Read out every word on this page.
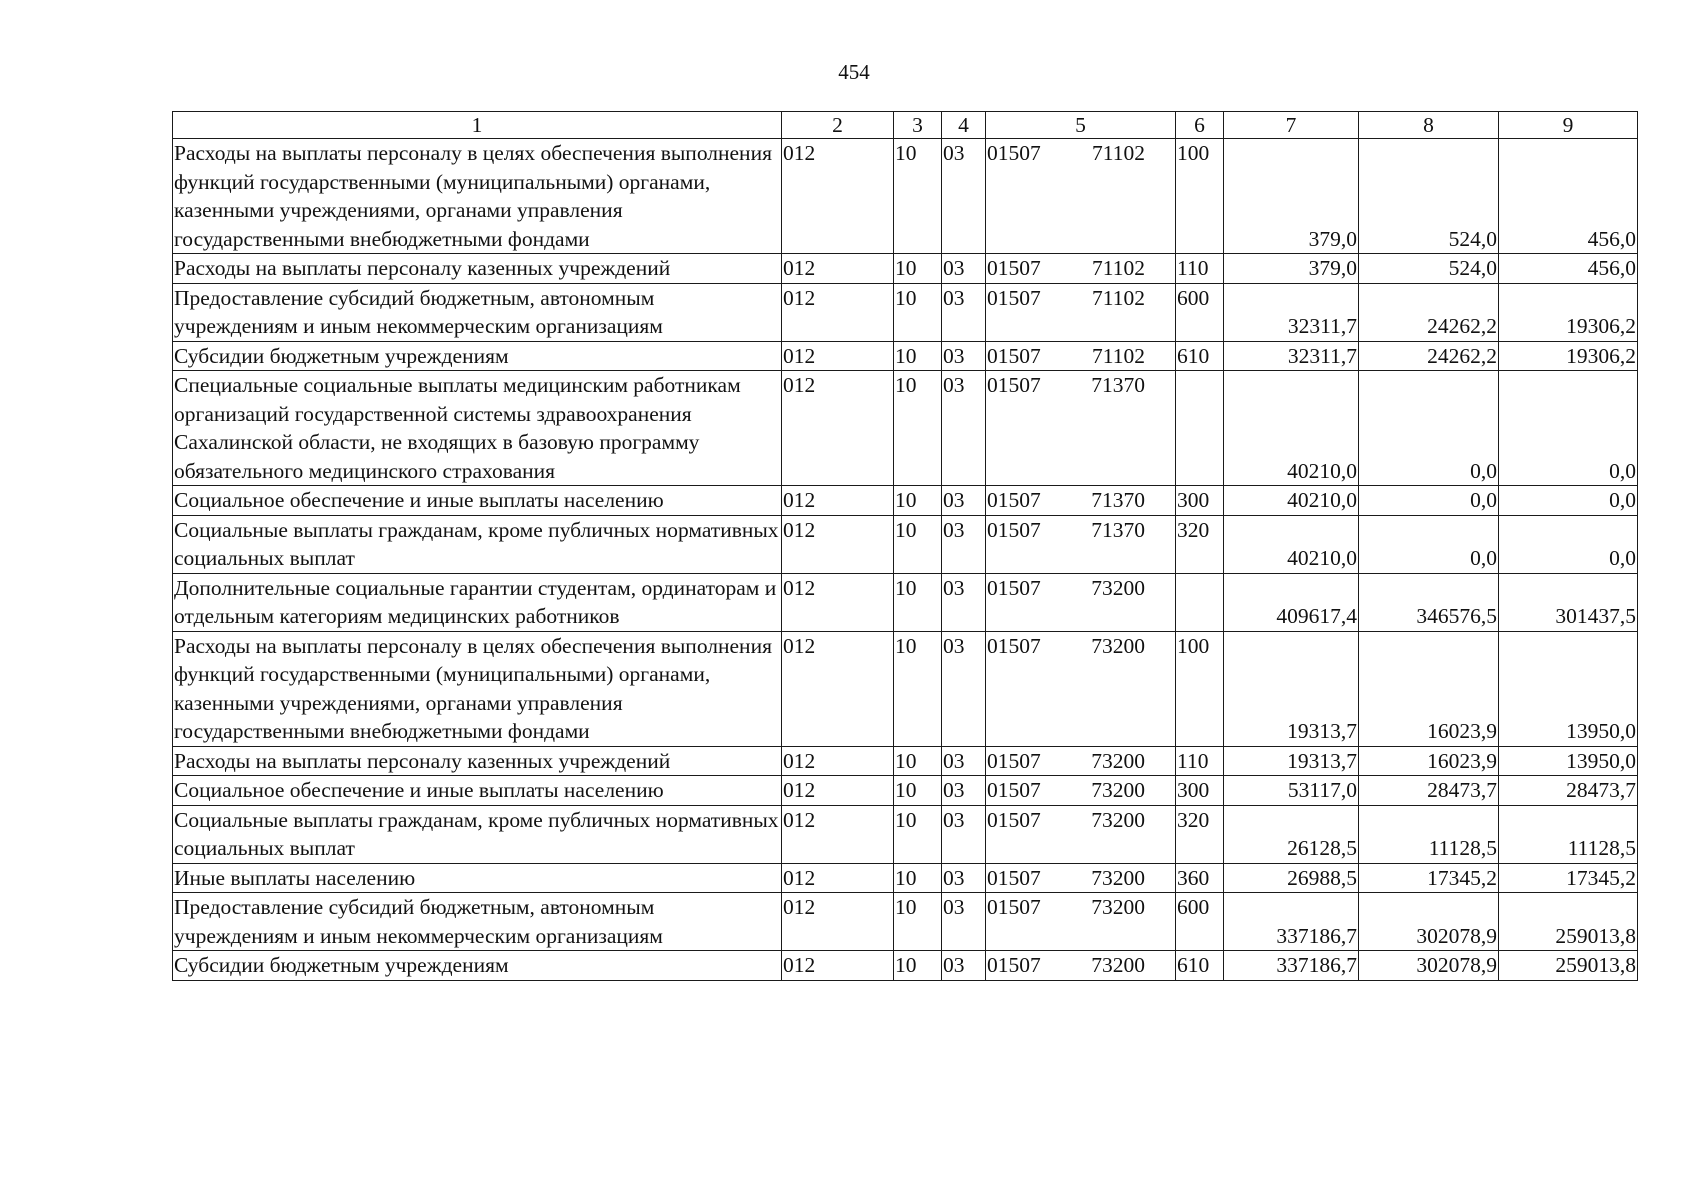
454
1	2	3	4	5	6	7	8	9
Расходы на выплаты персоналу в целях обеспечения выполнения функций государственными (муниципальными) органами, казенными учреждениями, органами управления государственными внебюджетными фондами	012	10	03	01507 71102	100	379,0	524,0	456,0
Расходы на выплаты персоналу казенных учреждений	012	10	03	01507 71102	110	379,0	524,0	456,0
Предоставление субсидий бюджетным, автономным учреждениям и иным некоммерческим организациям	012	10	03	01507 71102	600	32311,7	24262,2	19306,2
Субсидии бюджетным учреждениям	012	10	03	01507 71102	610	32311,7	24262,2	19306,2
Специальные социальные выплаты медицинским работникам организаций государственной системы здравоохранения Сахалинской области, не входящих в базовую программу обязательного медицинского страхования	012	10	03	01507 71370		40210,0	0,0	0,0
Социальное обеспечение и иные выплаты населению	012	10	03	01507 71370	300	40210,0	0,0	0,0
Социальные выплаты гражданам, кроме публичных нормативных социальных выплат	012	10	03	01507 71370	320	40210,0	0,0	0,0
Дополнительные социальные гарантии студентам, ординаторам и отдельным категориям медицинских работников	012	10	03	01507 73200		409617,4	346576,5	301437,5
Расходы на выплаты персоналу в целях обеспечения выполнения функций государственными (муниципальными) органами, казенными учреждениями, органами управления государственными внебюджетными фондами	012	10	03	01507 73200	100	19313,7	16023,9	13950,0
Расходы на выплаты персоналу казенных учреждений	012	10	03	01507 73200	110	19313,7	16023,9	13950,0
Социальное обеспечение и иные выплаты населению	012	10	03	01507 73200	300	53117,0	28473,7	28473,7
Социальные выплаты гражданам, кроме публичных нормативных социальных выплат	012	10	03	01507 73200	320	26128,5	11128,5	11128,5
Иные выплаты населению	012	10	03	01507 73200	360	26988,5	17345,2	17345,2
Предоставление субсидий бюджетным, автономным учреждениям и иным некоммерческим организациям	012	10	03	01507 73200	600	337186,7	302078,9	259013,8
Субсидии бюджетным учреждениям	012	10	03	01507 73200	610	337186,7	302078,9	259013,8
